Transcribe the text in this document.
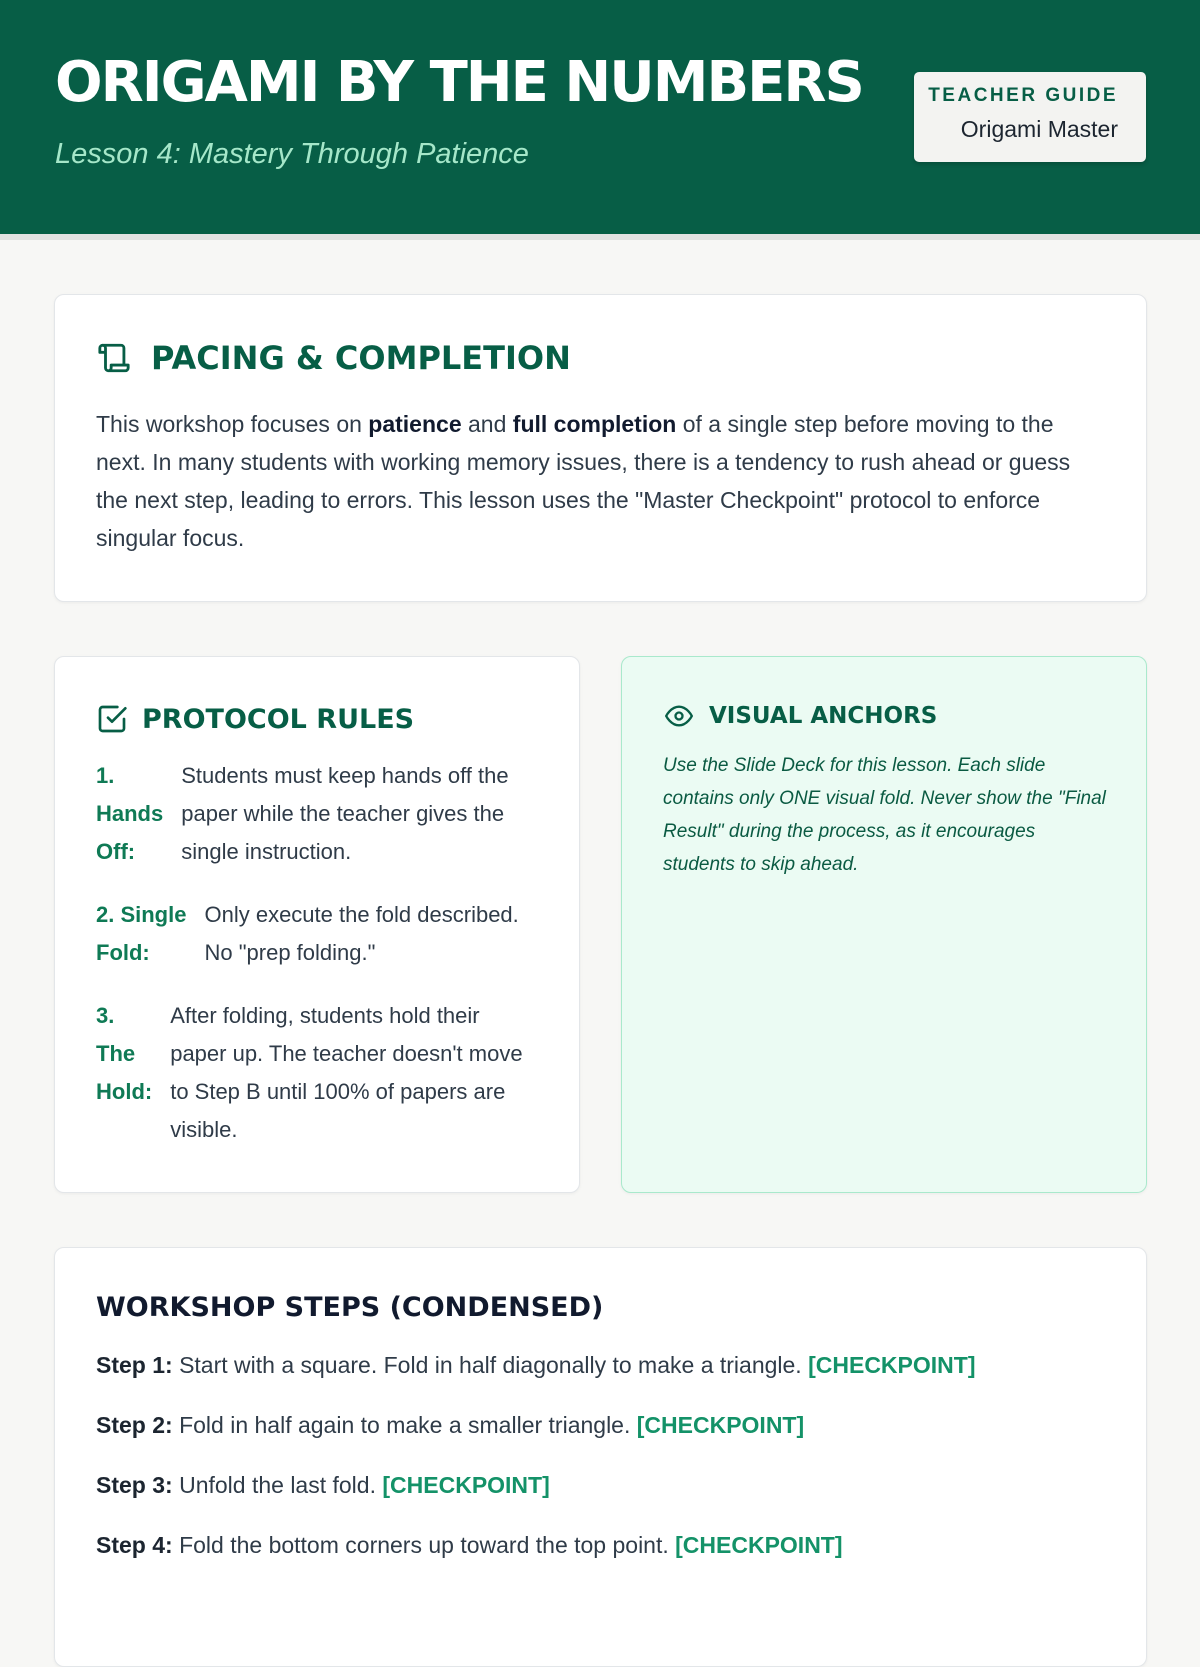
ORIGAMI BY THE NUMBERS
Lesson 4: Mastery Through Patience
TEACHER GUIDE
Origami Master
PACING & COMPLETION
This workshop focuses on patience and full completion of a single step before moving to the next. In many students with working memory issues, there is a tendency to rush ahead or guess the next step, leading to errors. This lesson uses the "Master Checkpoint" protocol to enforce singular focus.
PROTOCOL RULES
1.
Hands
Off:
Students must keep hands off the paper while the teacher gives the single instruction.
2. Single
Fold:
Only execute the fold described. No "prep folding."
3.
The
Hold:
After folding, students hold their paper up. The teacher doesn't move to Step B until 100% of papers are visible.
VISUAL ANCHORS
Use the Slide Deck for this lesson. Each slide contains only ONE visual fold. Never show the "Final Result" during the process, as it encourages students to skip ahead.
WORKSHOP STEPS (CONDENSED)
Step 1: Start with a square. Fold in half diagonally to make a triangle. [CHECKPOINT]
Step 2: Fold in half again to make a smaller triangle. [CHECKPOINT]
Step 3: Unfold the last fold. [CHECKPOINT]
Step 4: Fold the bottom corners up toward the top point. [CHECKPOINT]
